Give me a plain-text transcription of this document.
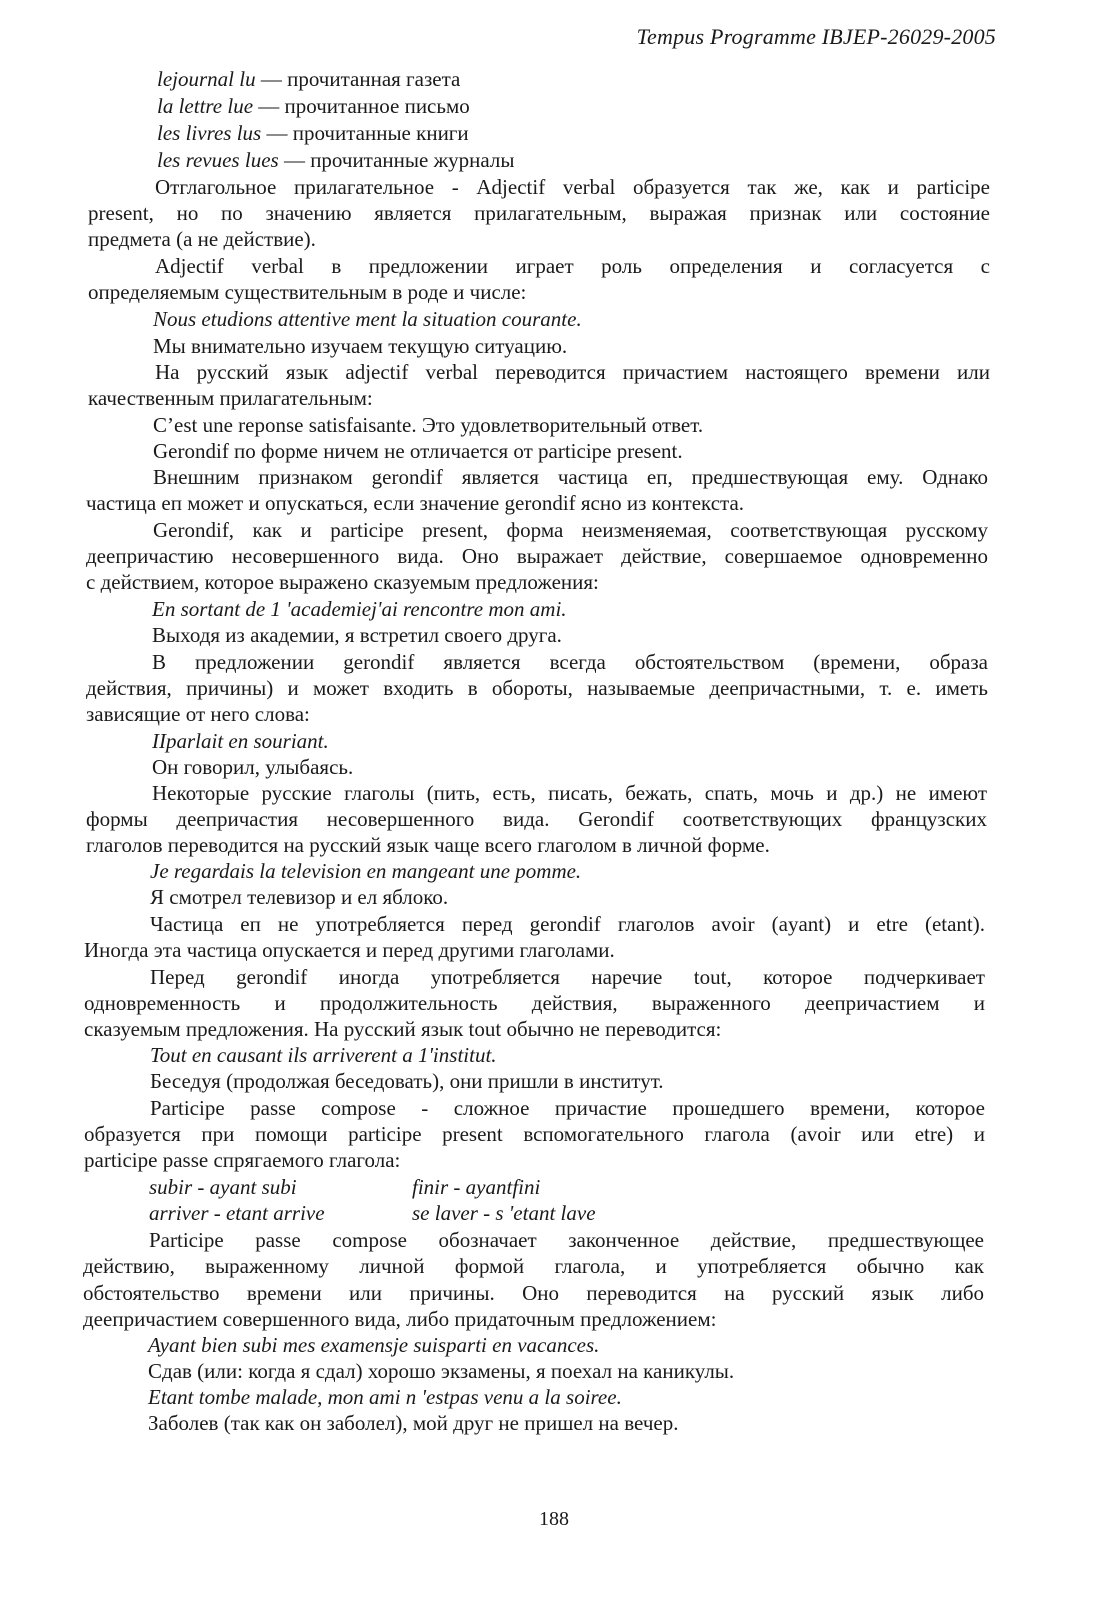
Tempus Programme IBJEP-26029-2005
lejournal lu — прочитанная газета
la lettre lue — прочитанное письмо
les livres lus — прочитанные книги
les revues lues — прочитанные журналы
Отглагольное прилагательное - Adjectif verbal образуется так же, как и participe
present, но по значению является прилагательным, выражая признак или состояние
предмета (а не действие).
Adjectif verbal в предложении играет роль определения и согласуется с
определяемым существительным в роде и числе:
Nous etudions attentive ment la situation courante.
Мы внимательно изучаем текущую ситуацию.
На русский язык adjectif verbal переводится причастием настоящего времени или
качественным прилагательным:
C’est une reponse satisfaisante. Это удовлетворительный ответ.
Gerondif по форме ничем не отличается от participe present.
Внешним признаком gerondif является частица еп, предшествующая ему. Однако
частица еп может и опускаться, если значение gerondif ясно из контекста.
Gerondif, как и participe present, форма неизменяемая, соответствующая русскому
деепричастию несовершенного вида. Оно выражает действие, совершаемое одновременно
с действием, которое выражено сказуемым предложения:
En sortant de 1 'academiej'ai rencontre mon ami.
Выходя из академии, я встретил своего друга.
В предложении gerondif является всегда обстоятельством (времени, образа
действия, причины) и может входить в обороты, называемые деепричастными, т. е. иметь
зависящие от него слова:
IIparlait en souriant.
Он говорил, улыбаясь.
Некоторые русские глаголы (пить, есть, писать, бежать, спать, мочь и др.) не имеют
формы деепричастия несовершенного вида. Gerondif соответствующих французских
глаголов переводится на русский язык чаще всего глаголом в личной форме.
Je regardais la television en mangeant une pomme.
Я смотрел телевизор и ел яблоко.
Частица еп не употребляется перед gerondif глаголов avoir (ayant) и etre (etant).
Иногда эта частица опускается и перед другими глаголами.
Перед gerondif иногда употребляется наречие tout, которое подчеркивает
одновременность и продолжительность действия, выраженного деепричастием и
сказуемым предложения. На русский язык tout обычно не переводится:
Tout en causant ils arriverent a 1'institut.
Беседуя (продолжая беседовать), они пришли в институт.
Participe passe compose - сложное причастие прошедшего времени, которое
образуется при помощи participe present вспомогательного глагола (avoir или etre) и
participe passe спрягаемого глагола:
subir - ayant subi	finir - ayantfini
arriver - etant arrive	se laver - s 'etant lave
Participe passe compose обозначает законченное действие, предшествующее
действию, выраженному личной формой глагола, и употребляется обычно как
обстоятельство времени или причины. Оно переводится на русский язык либо
деепричастием совершенного вида, либо придаточным предложением:
Ayant bien subi mes examensje suisparti en vacances.
Сдав (или: когда я сдал) хорошо экзамены, я поехал на каникулы.
Etant tombe malade, mon ami n 'estpas venu a la soiree.
Заболев (так как он заболел), мой друг не пришел на вечер.
188
